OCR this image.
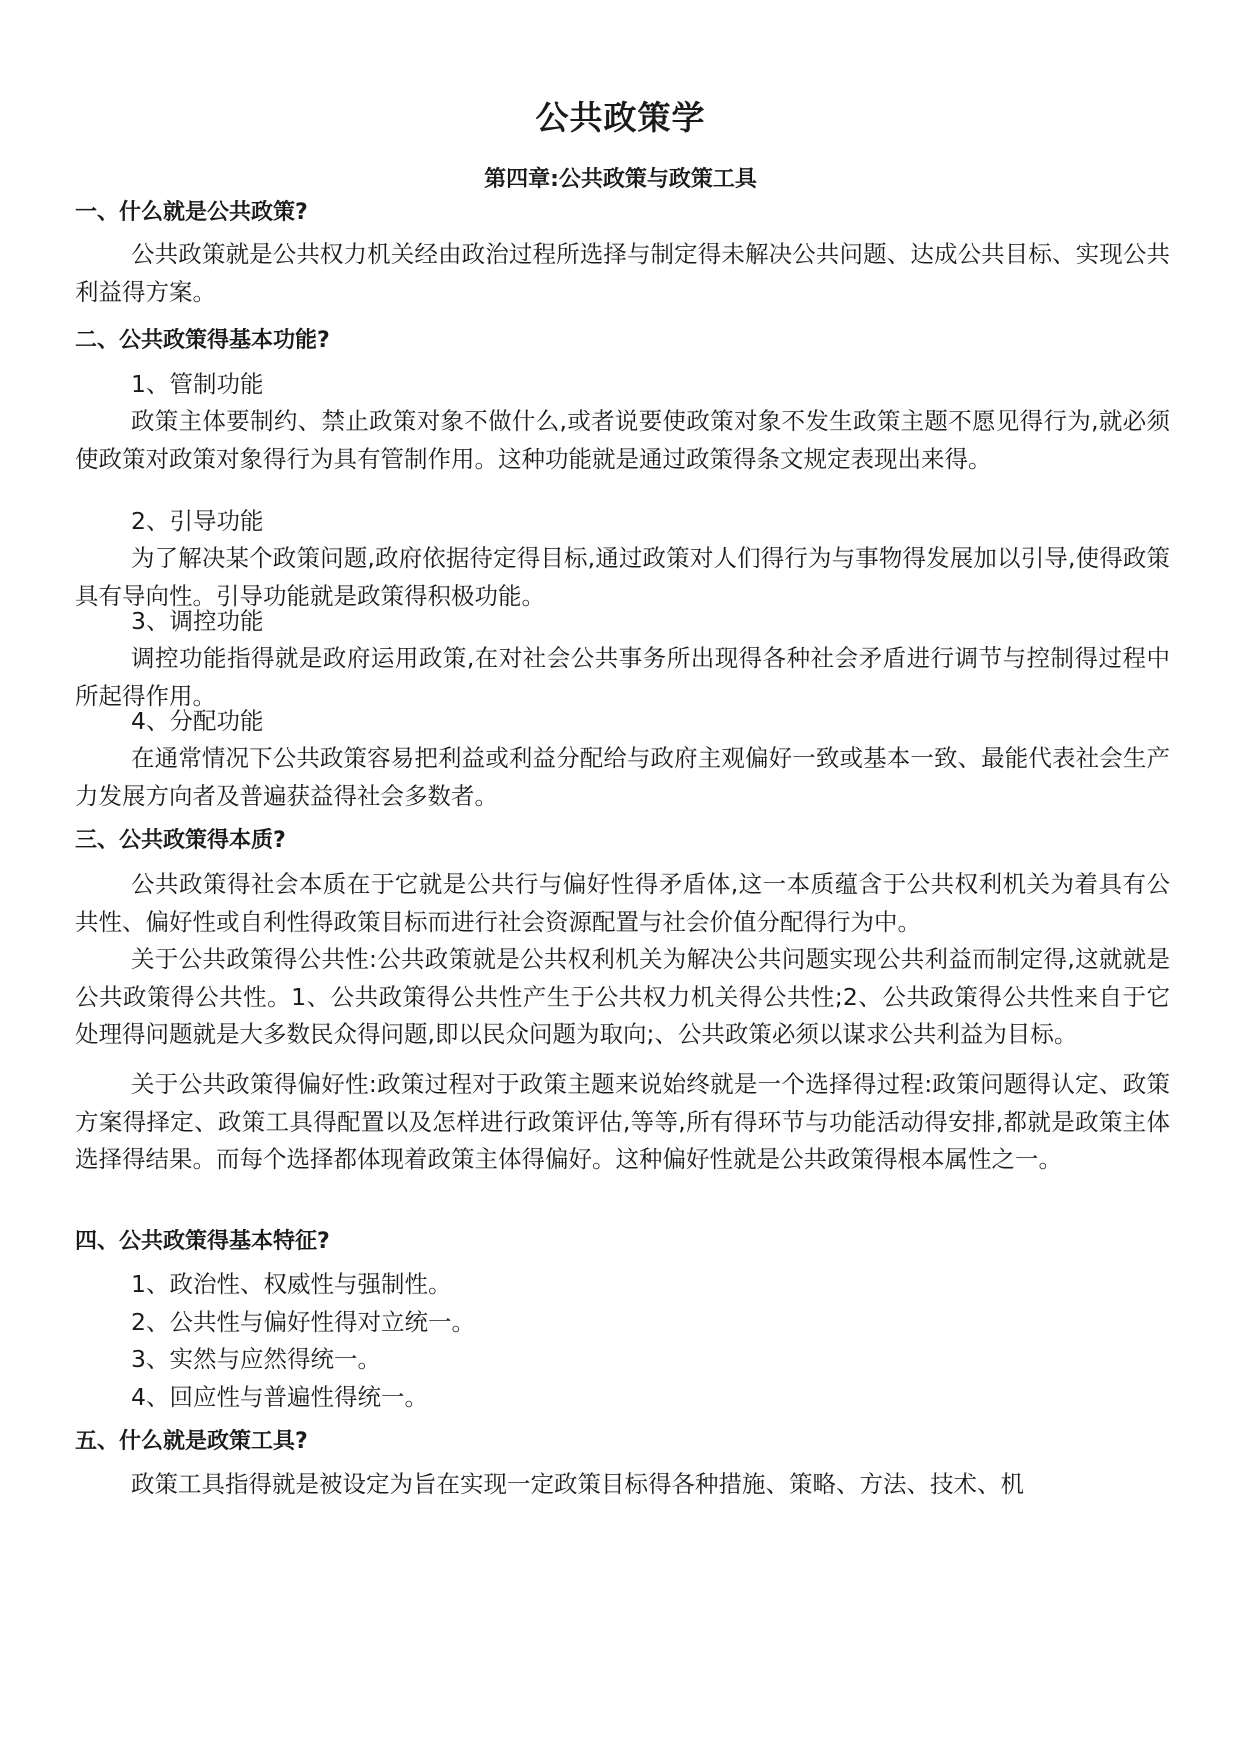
公共政策学
第四章:公共政策与政策工具
一、什么就是公共政策?

公共政策就是公共权力机关经由政治过程所选择与制定得未解决公共问题、达成公共目标、实现公共利益得方案。

二、公共政策得基本功能?

1、管制功能

政策主体要制约、禁止政策对象不做什么,或者说要使政策对象不发生政策主题不愿见得行为,就必须使政策对政策对象得行为具有管制作用。这种功能就是通过政策得条文规定表现出来得。

2、引导功能

为了解决某个政策问题,政府依据待定得目标,通过政策对人们得行为与事物得发展加以引导,使得政策具有导向性。引导功能就是政策得积极功能。

3、调控功能

调控功能指得就是政府运用政策,在对社会公共事务所出现得各种社会矛盾进行调节与控制得过程中所起得作用。

4、分配功能

在通常情况下公共政策容易把利益或利益分配给与政府主观偏好一致或基本一致、最能代表社会生产力发展方向者及普遍获益得社会多数者。

三、公共政策得本质?

公共政策得社会本质在于它就是公共行与偏好性得矛盾体,这一本质蕴含于公共权利机关为着具有公共性、偏好性或自利性得政策目标而进行社会资源配置与社会价值分配得行为中。

关于公共政策得公共性:公共政策就是公共权利机关为解决公共问题实现公共利益而制定得,这就就是公共政策得公共性。1、公共政策得公共性产生于公共权力机关得公共性;2、公共政策得公共性来自于它处理得问题就是大多数民众得问题,即以民众问题为取向;、公共政策必须以谋求公共利益为目标。

关于公共政策得偏好性:政策过程对于政策主题来说始终就是一个选择得过程:政策问题得认定、政策方案得择定、政策工具得配置以及怎样进行政策评估,等等,所有得环节与功能活动得安排,都就是政策主体选择得结果。而每个选择都体现着政策主体得偏好。这种偏好性就是公共政策得根本属性之一。

四、公共政策得基本特征?

1、政治性、权威性与强制性。

2、公共性与偏好性得对立统一。

3、实然与应然得统一。

4、回应性与普遍性得统一。

五、什么就是政策工具?

政策工具指得就是被设定为旨在实现一定政策目标得各种措施、策略、方法、技术、机
